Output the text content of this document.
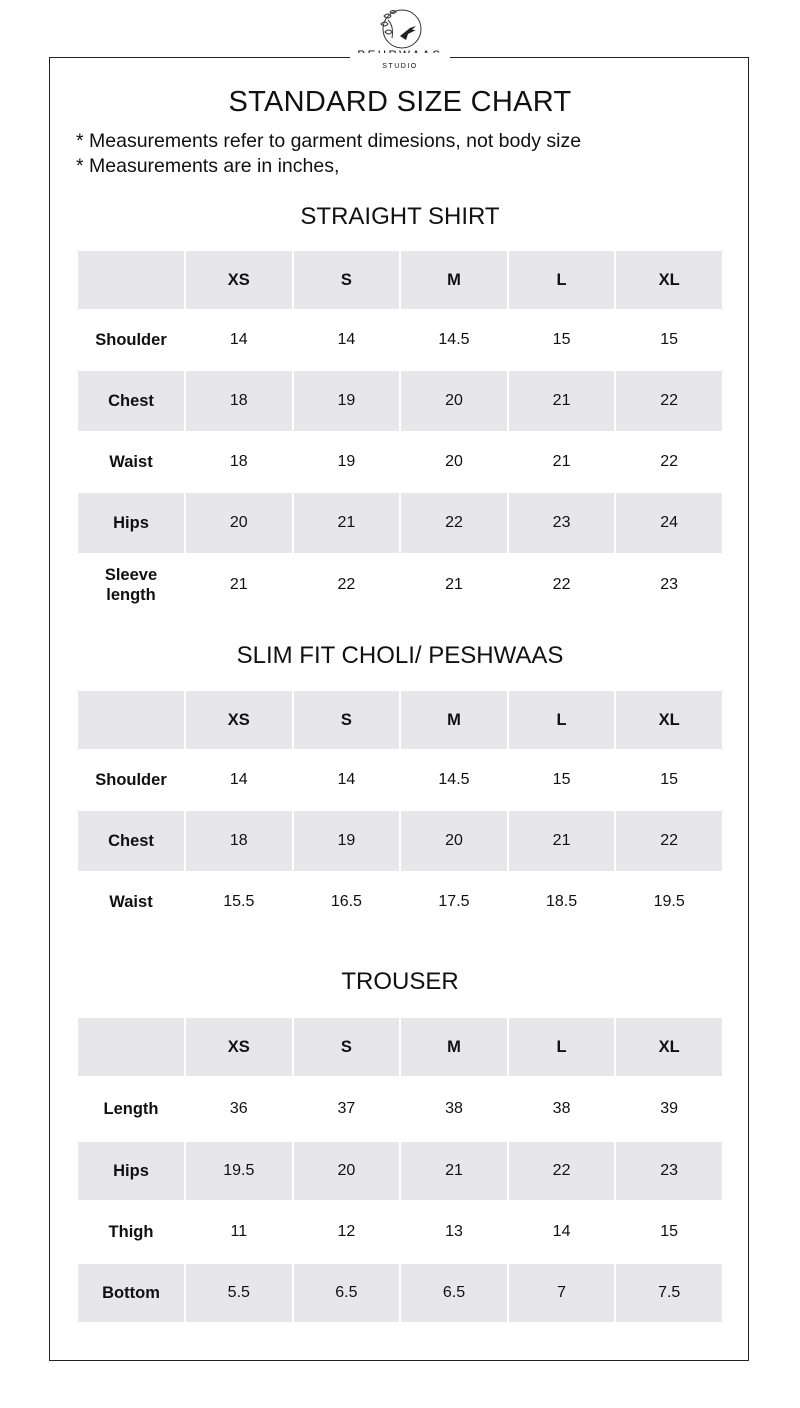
STUDIO
STANDARD SIZE CHART
* Measurements refer to garment dimesions, not body size
* Measurements are in inches,
STRAIGHT SHIRT
	XS	S	M	L	XL
Shoulder	14	14	14.5	15	15
Chest	18	19	20	21	22
Waist	18	19	20	21	22
Hips	20	21	22	23	24
Sleeve length	21	22	21	22	23
SLIM FIT CHOLI/ PESHWAAS
	XS	S	M	L	XL
Shoulder	14	14	14.5	15	15
Chest	18	19	20	21	22
Waist	15.5	16.5	17.5	18.5	19.5
TROUSER
	XS	S	M	L	XL
Length	36	37	38	38	39
Hips	19.5	20	21	22	23
Thigh	11	12	13	14	15
Bottom	5.5	6.5	6.5	7	7.5
